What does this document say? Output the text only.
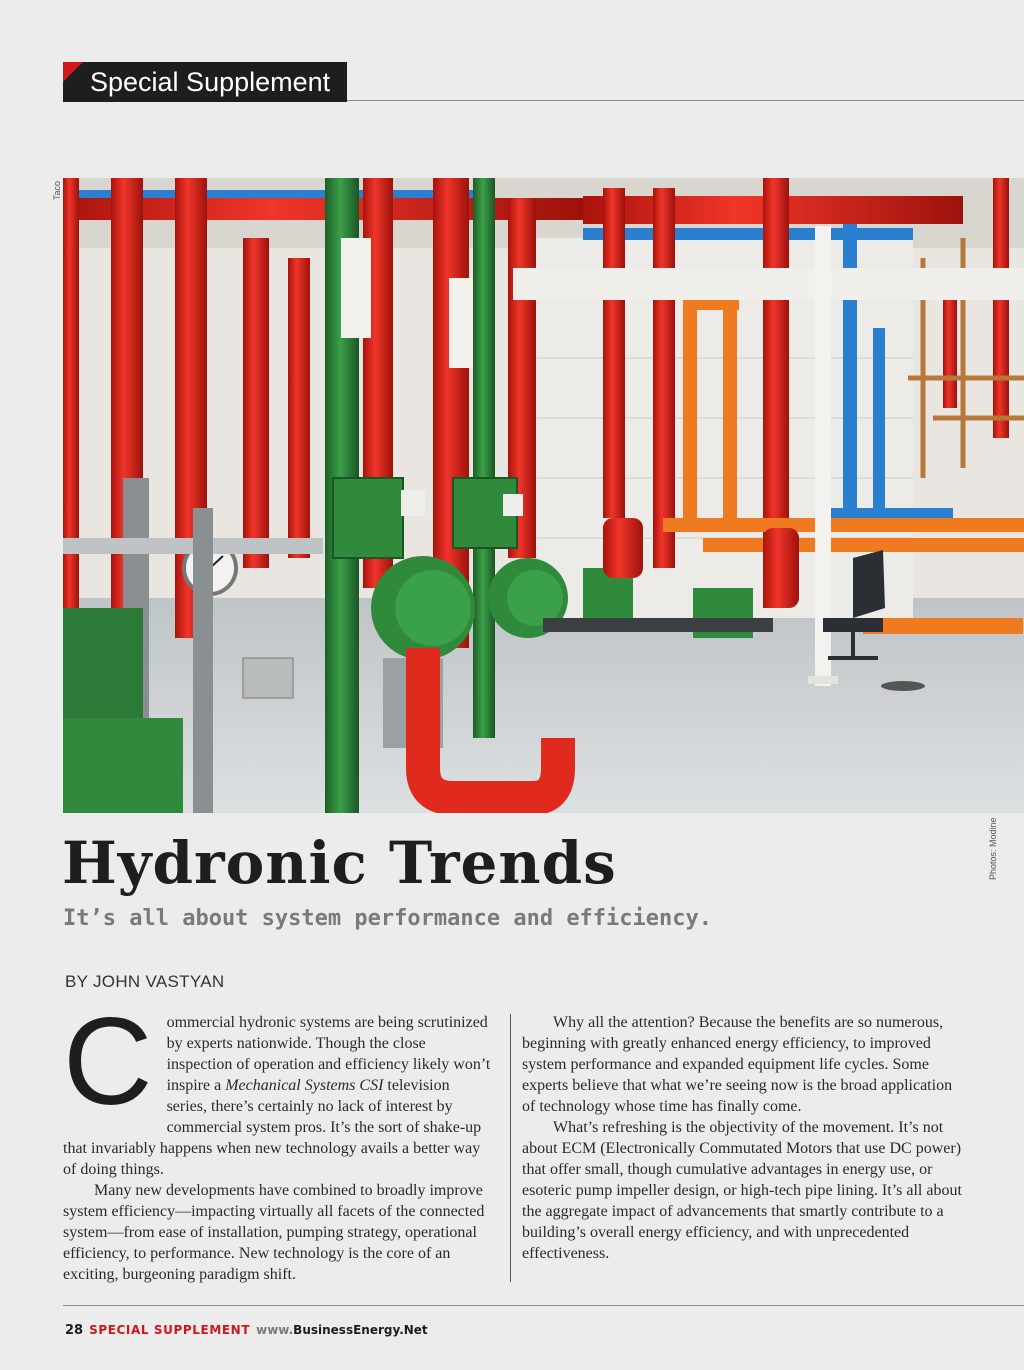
Special Supplement
Taco
Photos: Modine
Hydronic Trends
It’s all about system performance and efficiency.
BY JOHN VASTYAN

Commercial hydronic systems are being scrutinized by experts nationwide. Though the close inspection of operation and efficiency likely won’t inspire a Mechanical Systems CSI television series, there’s certainly no lack of interest by commercial system pros. It’s the sort of shake-up that invariably happens when new technology avails a better way of doing things.

Many new developments have combined to broadly improve system efficiency—impacting virtually all facets of the connected system—from ease of installation, pumping strategy, operational efficiency, to performance. New technology is the core of an exciting, burgeoning paradigm shift.

Why all the attention? Because the benefits are so numerous, beginning with greatly enhanced energy efficiency, to improved system performance and expanded equipment life cycles. Some experts believe that what we’re seeing now is the broad application of technology whose time has finally come.

What’s refreshing is the objectivity of the movement. It’s not about ECM (Electronically Commutated Motors that use DC power) that offer small, though cumulative advantages in energy use, or esoteric pump impeller design, or high-tech pipe lining. It’s all about the aggregate impact of advancements that smartly contribute to a building’s overall energy efficiency, and with unprecedented effectiveness.

28 SPECIAL SUPPLEMENT www.BusinessEnergy.Net
